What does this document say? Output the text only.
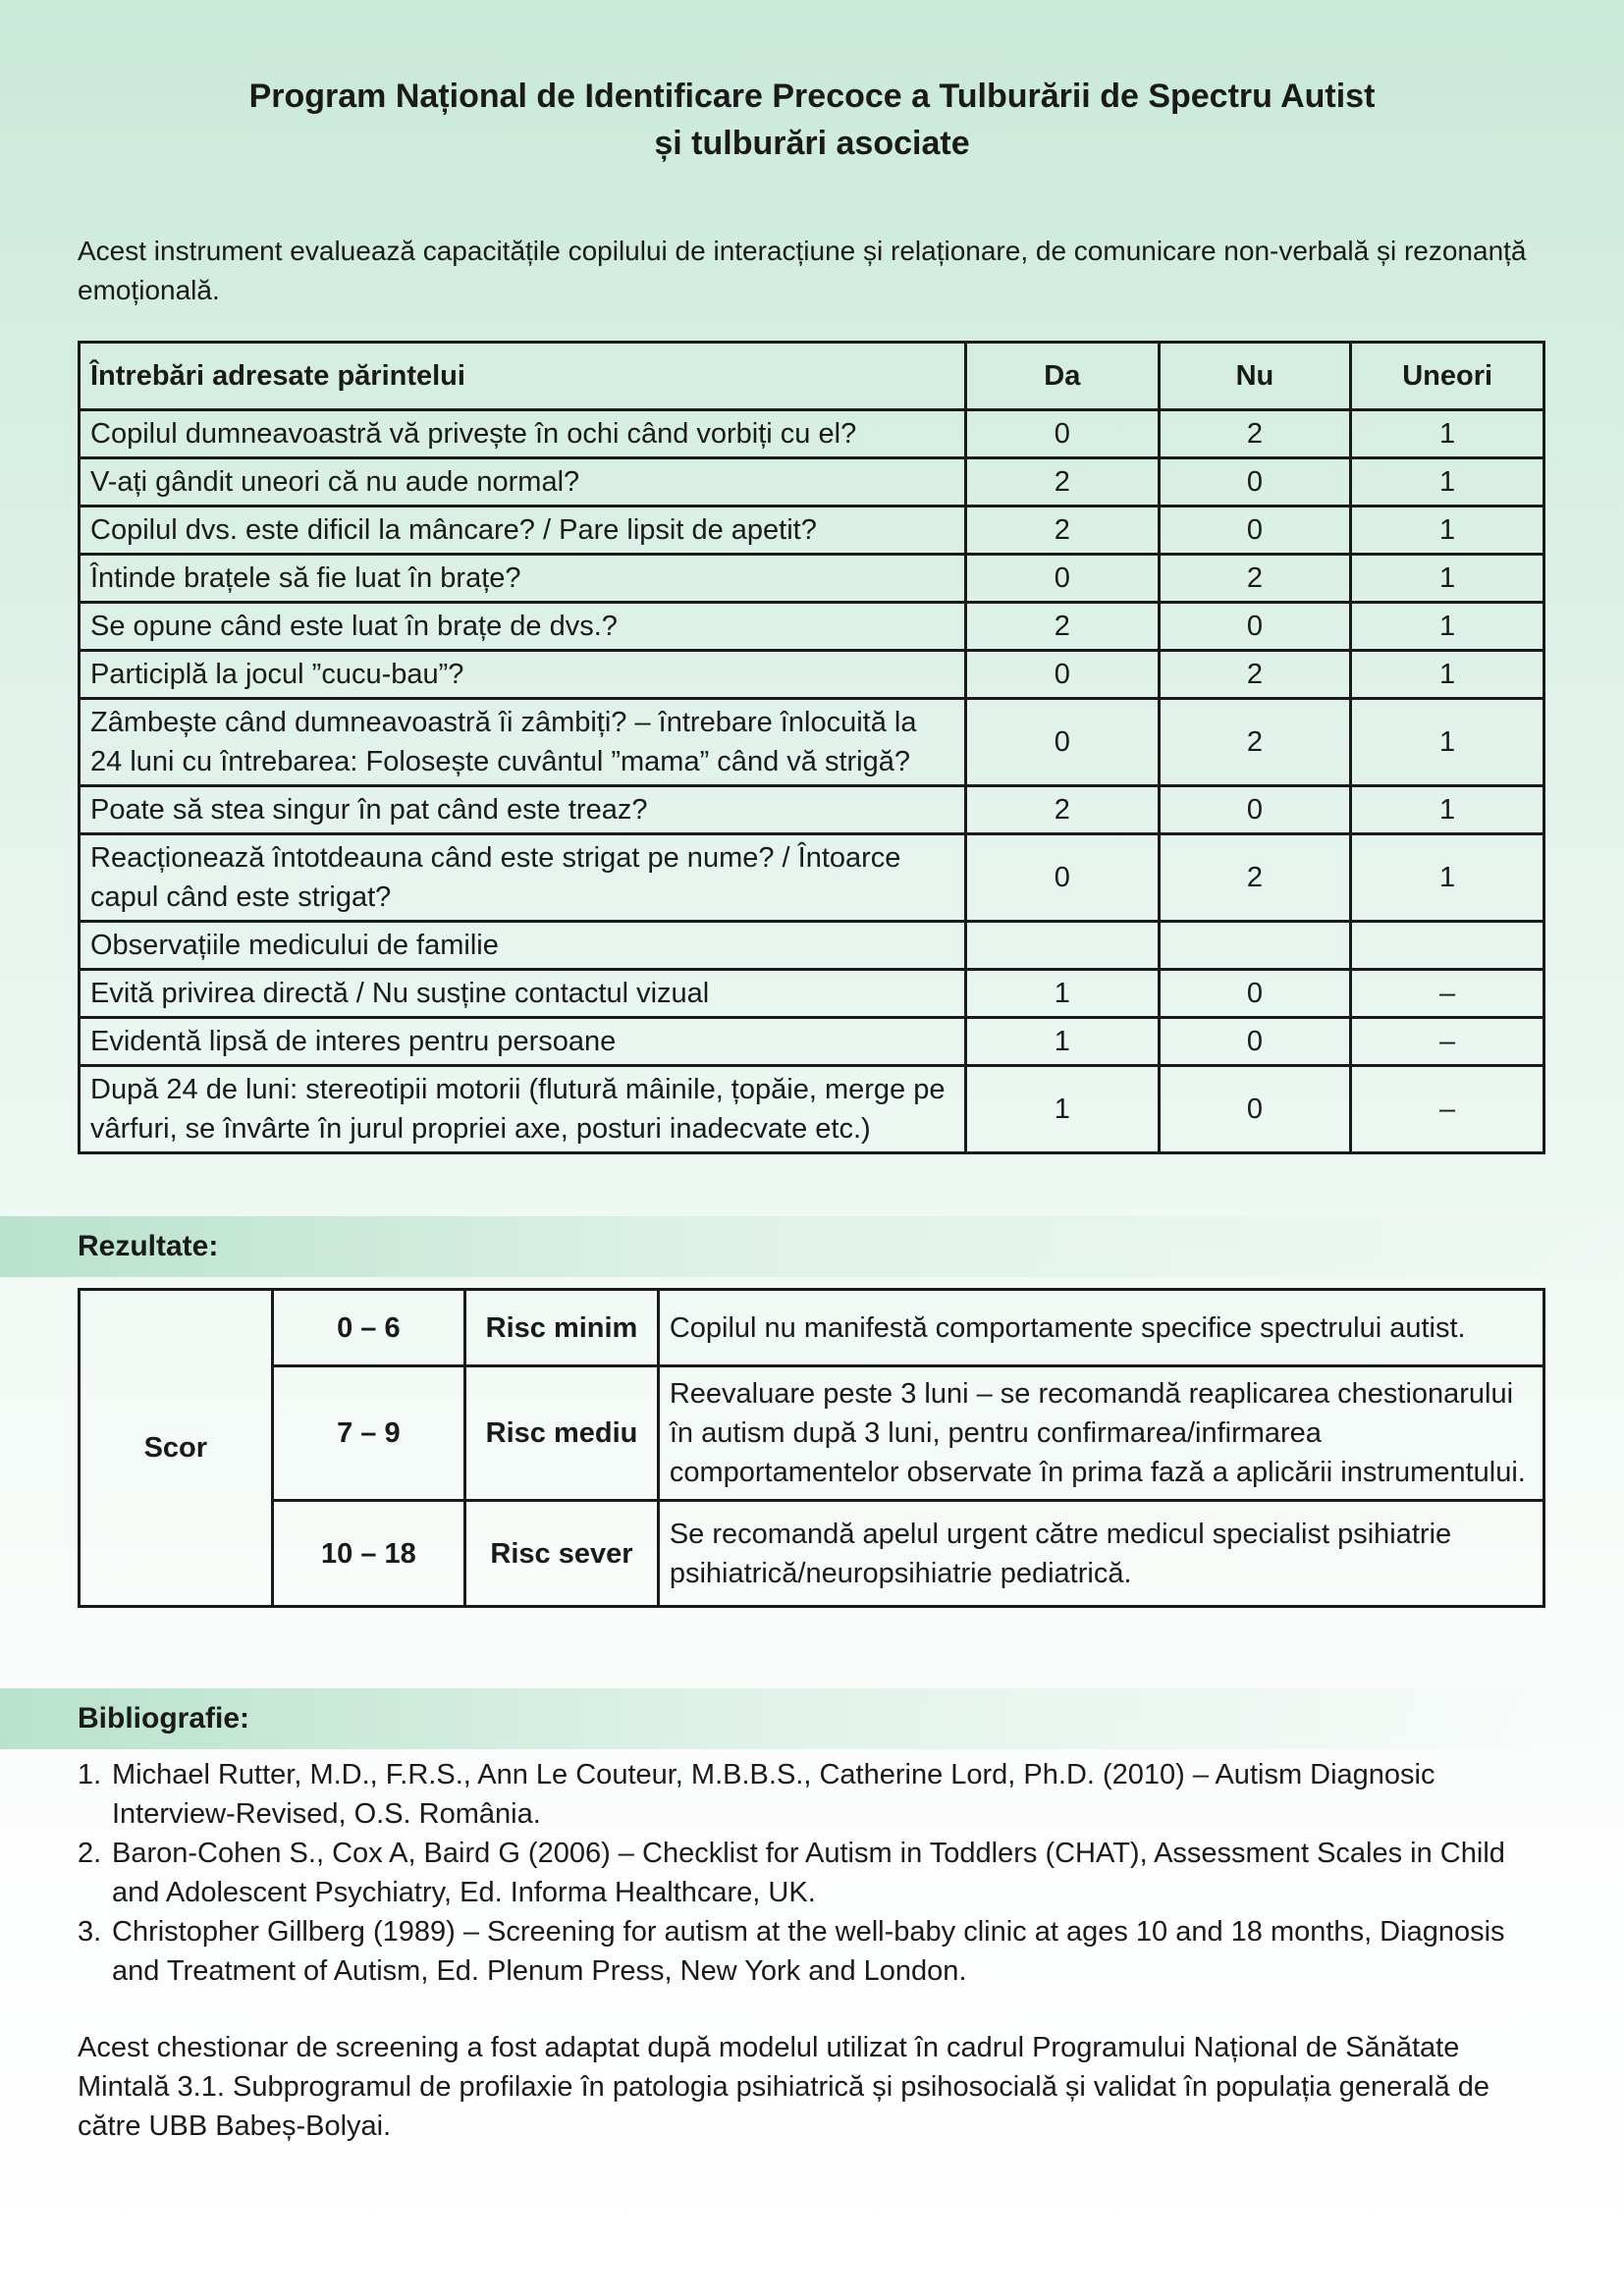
Program Național de Identificare Precoce a Tulburării de Spectru Autist
și tulburări asociate
Acest instrument evaluează capacitățile copilului de interacțiune și relaționare, de comunicare non-verbală și rezonanță emoțională.
Întrebări adresate părintelui	Da	Nu	Uneori
Copilul dumneavoastră vă privește în ochi când vorbiți cu el?	0	2	1
V-ați gândit uneori că nu aude normal?	2	0	1
Copilul dvs. este dificil la mâncare? / Pare lipsit de apetit?	2	0	1
Întinde brațele să fie luat în brațe?	0	2	1
Se opune când este luat în brațe de dvs.?	2	0	1
Participlă la jocul ”cucu-bau”?	0	2	1
Zâmbește când dumneavoastră îi zâmbiți? – întrebare înlocuită la 24 luni cu întrebarea: Folosește cuvântul ”mama” când vă strigă?	0	2	1
Poate să stea singur în pat când este treaz?	2	0	1
Reacționează întotdeauna când este strigat pe nume? / Întoarce capul când este strigat?	0	2	1
Observațiile medicului de familie			
Evită privirea directă / Nu susține contactul vizual	1	0	–
Evidentă lipsă de interes pentru persoane	1	0	–
După 24 de luni: stereotipii motorii (flutură mâinile, țopăie, merge pe vârfuri, se învârte în jurul propriei axe, posturi inadecvate etc.)	1	0	–
Rezultate:
Scor	0 – 6	Risc minim	Copilul nu manifestă comportamente specifice spectrului autist.
	7 – 9	Risc mediu	Reevaluare peste 3 luni – se recomandă reaplicarea chestionarului în autism după 3 luni, pentru confirmarea/infirmarea comportamentelor observate în prima fază a aplicării instrumentului.
	10 – 18	Risc sever	Se recomandă apelul urgent către medicul specialist psihiatrie psihiatrică/neuropsihiatrie pediatrică.
Bibliografie:
1. Michael Rutter, M.D., F.R.S., Ann Le Couteur, M.B.B.S., Catherine Lord, Ph.D. (2010) – Autism Diagnosic Interview-Revised, O.S. România.
2. Baron-Cohen S., Cox A, Baird G (2006) – Checklist for Autism in Toddlers (CHAT), Assessment Scales in Child and Adolescent Psychiatry, Ed. Informa Healthcare, UK.
3. Christopher Gillberg (1989) – Screening for autism at the well-baby clinic at ages 10 and 18 months, Diagnosis and Treatment of Autism, Ed. Plenum Press, New York and London.
Acest chestionar de screening a fost adaptat după modelul utilizat în cadrul Programului Național de Sănătate Mintală 3.1. Subprogramul de profilaxie în patologia psihiatrică și psihosocială și validat în populația generală de către UBB Babeș-Bolyai.
